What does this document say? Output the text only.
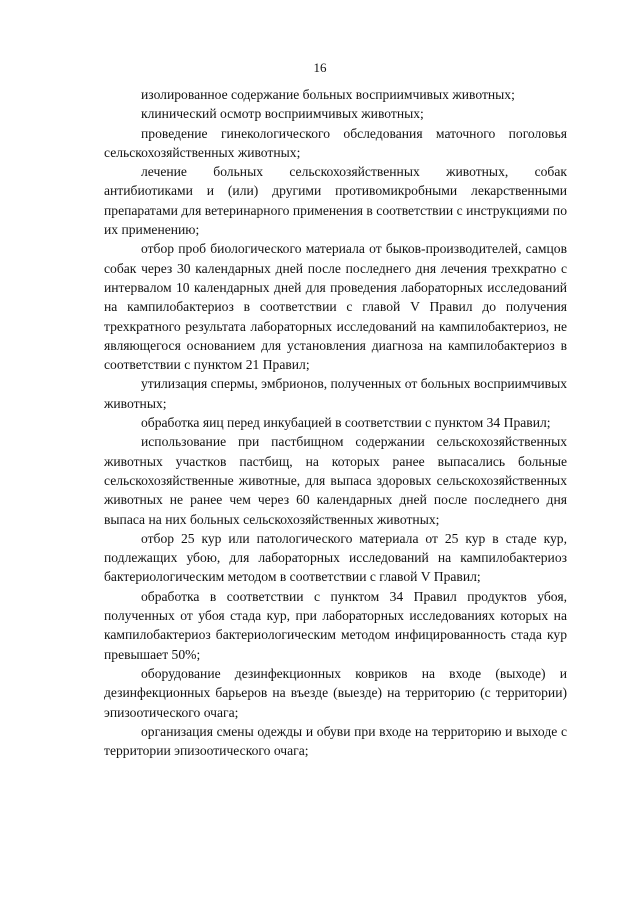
16

изолированное содержание больных восприимчивых животных;

клинический осмотр восприимчивых животных;

проведение гинекологического обследования маточного поголовья сельскохозяйственных животных;

лечение больных сельскохозяйственных животных, собак антибиотиками и (или) другими противомикробными лекарственными препаратами для ветеринарного применения в соответствии с инструкциями по их применению;

отбор проб биологического материала от быков-производителей, самцов собак через 30 календарных дней после последнего дня лечения трехкратно с интервалом 10 календарных дней для проведения лабораторных исследований на кампилобактериоз в соответствии с главой V Правил до получения трехкратного результата лабораторных исследований на кампилобактериоз, не являющегося основанием для установления диагноза на кампилобактериоз в соответствии с пунктом 21 Правил;

утилизация спермы, эмбрионов, полученных от больных восприимчивых животных;

обработка яиц перед инкубацией в соответствии с пунктом 34 Правил;

использование при пастбищном содержании сельскохозяйственных животных участков пастбищ, на которых ранее выпасались больные сельскохозяйственные животные, для выпаса здоровых сельскохозяйственных животных не ранее чем через 60 календарных дней после последнего дня выпаса на них больных сельскохозяйственных животных;

отбор 25 кур или патологического материала от 25 кур в стаде кур, подлежащих убою, для лабораторных исследований на кампилобактериоз бактериологическим методом в соответствии с главой V Правил;

обработка в соответствии с пунктом 34 Правил продуктов убоя, полученных от убоя стада кур, при лабораторных исследованиях которых на кампилобактериоз бактериологическим методом инфицированность стада кур превышает 50%;

оборудование дезинфекционных ковриков на входе (выходе) и дезинфекционных барьеров на въезде (выезде) на территорию (с территории) эпизоотического очага;

организация смены одежды и обуви при входе на территорию и выходе с территории эпизоотического очага;
